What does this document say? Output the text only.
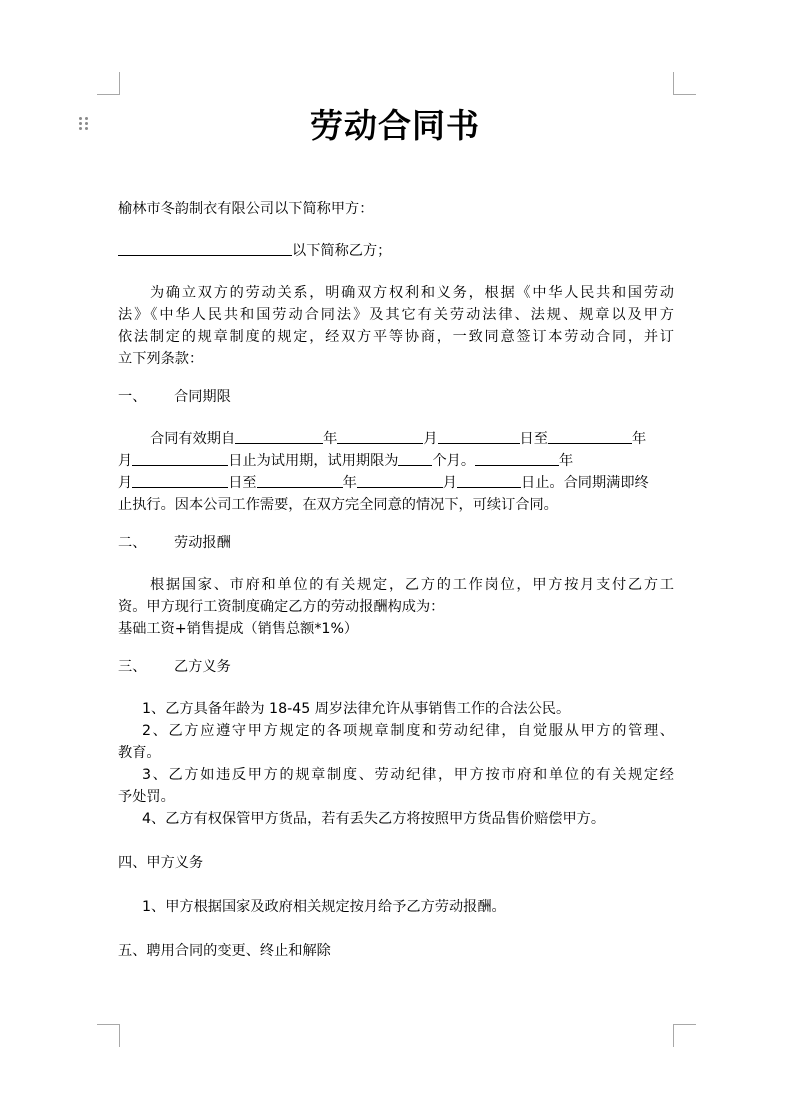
劳动合同书
榆林市冬韵制衣有限公司以下简称甲方：
以下简称乙方；
为确立双方的劳动关系，明确双方权利和义务，根据《中华人民共和国劳动
法》《中华人民共和国劳动合同法》及其它有关劳动法律、法规、规章以及甲方
依法制定的规章制度的规定，经双方平等协商，一致同意签订本劳动合同，并订
立下列条款：
一、 合同期限
合同有效期自	年	月	日至	年
月	日止为试用期，试用期限为 个月。	年
月	日至	年	月	日止。合同期满即终
止执行。因本公司工作需要，在双方完全同意的情况下，可续订合同。
二、 劳动报酬
根据国家、市府和单位的有关规定，乙方的工作岗位，甲方按月支付乙方工
资。甲方现行工资制度确定乙方的劳动报酬构成为：
基础工资+销售提成（销售总额*1%）
三、 乙方义务
1、乙方具备年龄为 18-45 周岁法律允许从事销售工作的合法公民。
2、乙方应遵守甲方规定的各项规章制度和劳动纪律，自觉服从甲方的管理、
教育。
3、乙方如违反甲方的规章制度、劳动纪律，甲方按市府和单位的有关规定经
予处罚。
4、乙方有权保管甲方货品，若有丢失乙方将按照甲方货品售价赔偿甲方。
四、甲方义务
1、甲方根据国家及政府相关规定按月给予乙方劳动报酬。
五、聘用合同的变更、终止和解除
